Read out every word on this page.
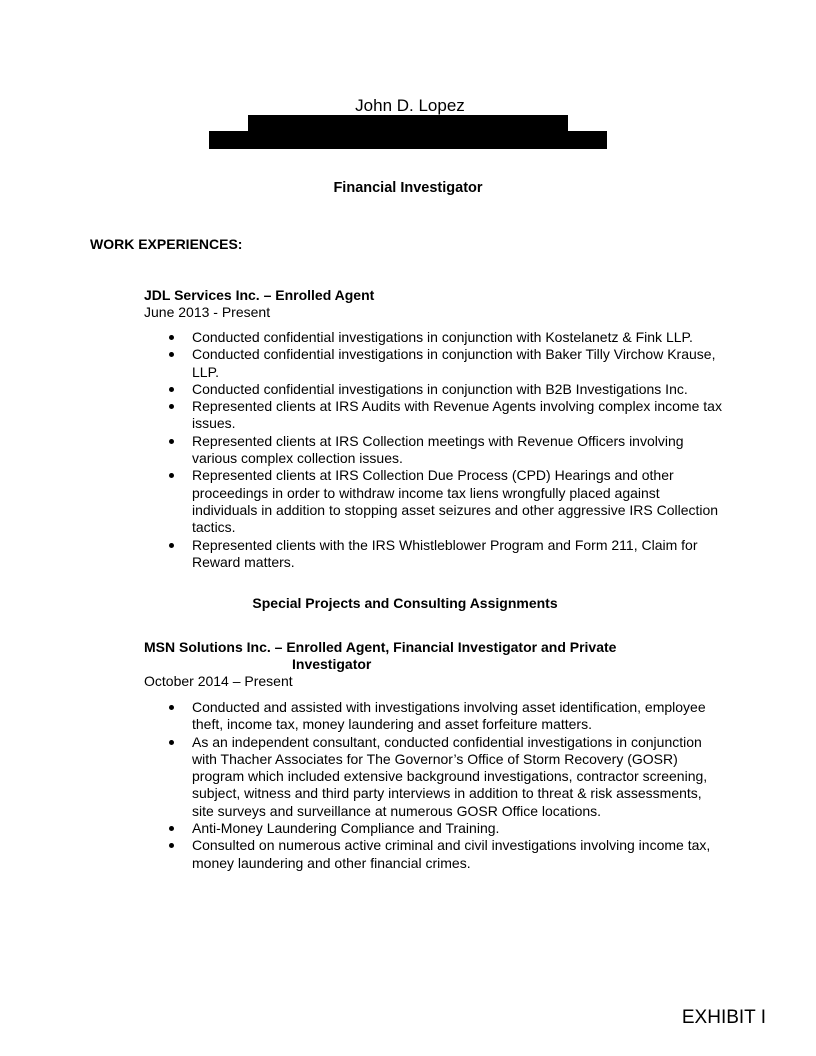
John D. Lopez
Financial Investigator
WORK EXPERIENCES:
JDL Services Inc. – Enrolled Agent
June 2013 - Present
Conducted confidential investigations in conjunction with Kostelanetz & Fink LLP.
Conducted confidential investigations in conjunction with Baker Tilly Virchow Krause, LLP.
Conducted confidential investigations in conjunction with B2B Investigations Inc.
Represented clients at IRS Audits with Revenue Agents involving complex income tax issues.
Represented clients at IRS Collection meetings with Revenue Officers involving various complex collection issues.
Represented clients at IRS Collection Due Process (CPD) Hearings and other proceedings in order to withdraw income tax liens wrongfully placed against individuals in addition to stopping asset seizures and other aggressive IRS Collection tactics.
Represented clients with the IRS Whistleblower Program and Form 211, Claim for Reward matters.
Special Projects and Consulting Assignments
MSN Solutions Inc. – Enrolled Agent, Financial Investigator and Private
Investigator
October 2014 – Present
Conducted and assisted with investigations involving asset identification, employee theft, income tax, money laundering and asset forfeiture matters.
As an independent consultant, conducted confidential investigations in conjunction with Thacher Associates for The Governor’s Office of Storm Recovery (GOSR) program which included extensive background investigations, contractor screening, subject, witness and third party interviews in addition to threat & risk assessments, site surveys and surveillance at numerous GOSR Office locations.
Anti-Money Laundering Compliance and Training.
Consulted on numerous active criminal and civil investigations involving income tax, money laundering and other financial crimes.
EXHIBIT I
